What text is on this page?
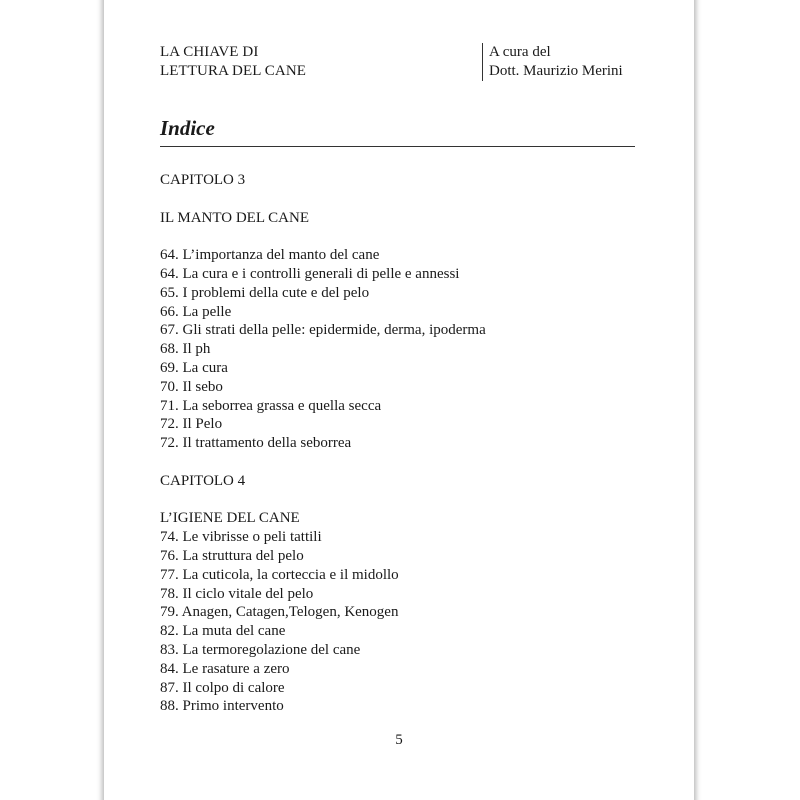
LA CHIAVE DI
LETTURA DEL CANE
A cura del
Dott. Maurizio Merini
Indice
CAPITOLO 3
IL MANTO DEL CANE
64. L’importanza del manto del cane
64. La cura e i controlli generali di pelle e annessi
65. I problemi della cute e del pelo
66. La pelle
67. Gli strati della pelle: epidermide, derma, ipoderma
68. Il ph
69. La cura
70. Il sebo
71. La seborrea grassa e quella secca
72. Il Pelo
72. Il trattamento della seborrea
CAPITOLO 4
L’IGIENE DEL CANE
74. Le vibrisse o peli tattili
76. La struttura del pelo
77. La cuticola, la corteccia e il midollo
78. Il ciclo vitale del pelo
79. Anagen, Catagen,Telogen, Kenogen
82. La muta del cane
83. La termoregolazione del cane
84. Le rasature a zero
87. Il colpo di calore
88. Primo intervento
5
